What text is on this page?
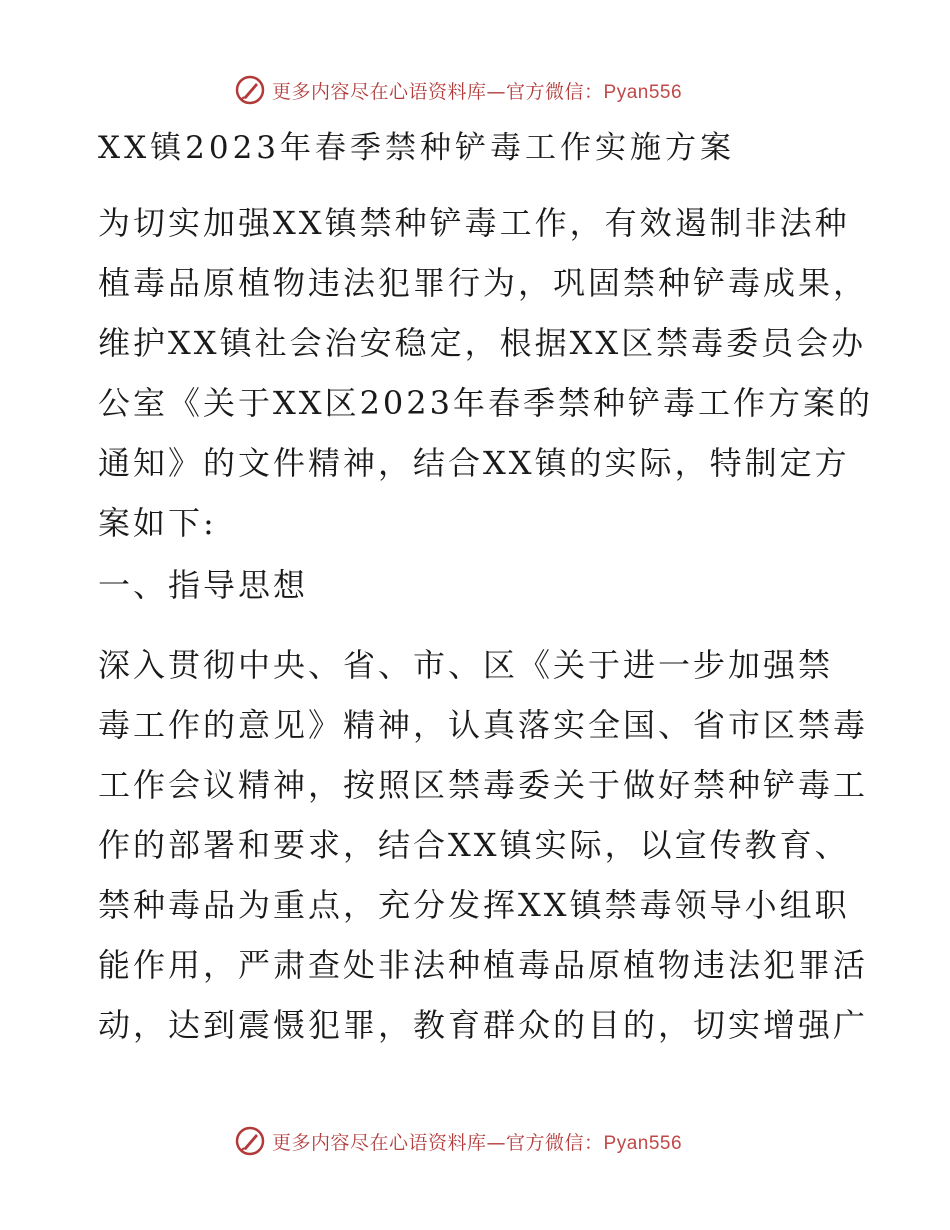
更多内容尽在心语资料库—官方微信：Pyan556
XX镇2023年春季禁种铲毒工作实施方案
为切实加强XX镇禁种铲毒工作，有效遏制非法种
植毒品原植物违法犯罪行为，巩固禁种铲毒成果，
维护XX镇社会治安稳定，根据XX区禁毒委员会办
公室《关于XX区2023年春季禁种铲毒工作方案的
通知》的文件精神，结合XX镇的实际，特制定方
案如下:
一、指导思想
深入贯彻中央、省、市、区《关于进一步加强禁
毒工作的意见》精神，认真落实全国、省市区禁毒
工作会议精神，按照区禁毒委关于做好禁种铲毒工
作的部署和要求，结合XX镇实际，以宣传教育、
禁种毒品为重点，充分发挥XX镇禁毒领导小组职
能作用，严肃查处非法种植毒品原植物违法犯罪活
动，达到震慑犯罪，教育群众的目的，切实增强广
更多内容尽在心语资料库—官方微信：Pyan556
